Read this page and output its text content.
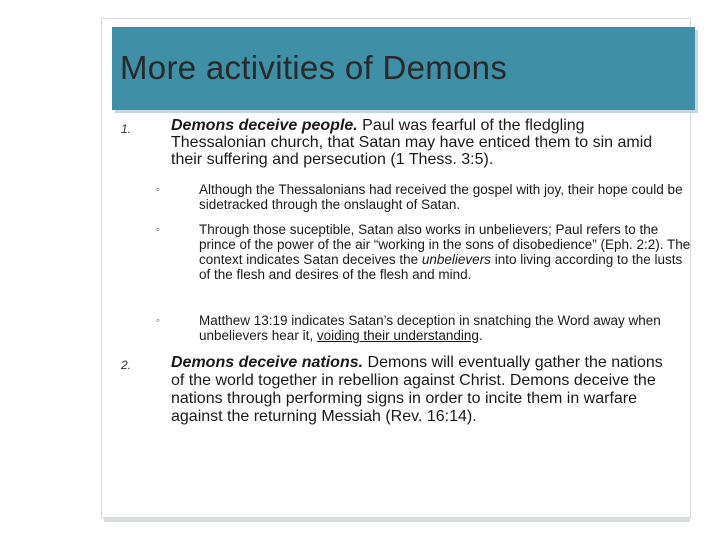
More activities of Demons
1. Demons deceive people. Paul was fearful of the fledgling Thessalonian church, that Satan may have enticed them to sin amid their suffering and persecution (1 Thess. 3:5).
◦	Although the Thessalonians had received the gospel with joy, their hope could be sidetracked through the onslaught of Satan.
◦	Through those suceptible, Satan also works in unbelievers; Paul refers to the prince of the power of the air “working in the sons of disobedience” (Eph. 2:2). The context indicates Satan deceives the unbelievers into living according to the lusts of the flesh and desires of the flesh and mind.
◦	Matthew 13:19 indicates Satan’s deception in snatching the Word away when unbelievers hear it, voiding their understanding.
2. Demons deceive nations. Demons will eventually gather the nations of the world together in rebellion against Christ. Demons deceive the nations through performing signs in order to incite them in warfare against the returning Messiah (Rev. 16:14).
